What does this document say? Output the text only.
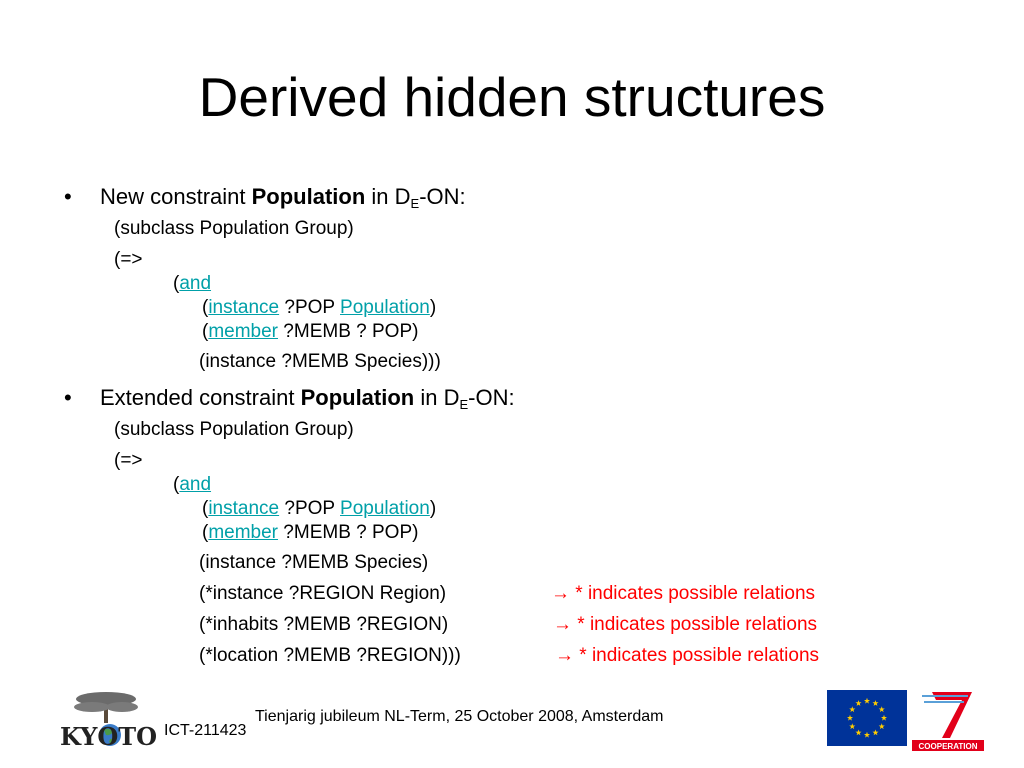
Derived hidden structures
• New constraint Population in $D_E-ON$:
(subclass Population Group)
(=>
(and
(instance ?POP Population)
(member ?MEMB ? POP)
(instance ?MEMB Species)))
• Extended constraint Population in $D_E-ON$:
(subclass Population Group)
(=>
(and
(instance ?POP Population)
(member ?MEMB ? POP)
(instance ?MEMB Species)
(*instance ?REGION Region)	→ * indicates possible relations
(*inhabits ?MEMB ?REGION)	→ * indicates possible relations
(*location ?MEMB ?REGION)))	→ * indicates possible relations
KYOTO ICT-211423
Tienjarig jubileum NL-Term, 25 October 2008, Amsterdam
COOPERATION
